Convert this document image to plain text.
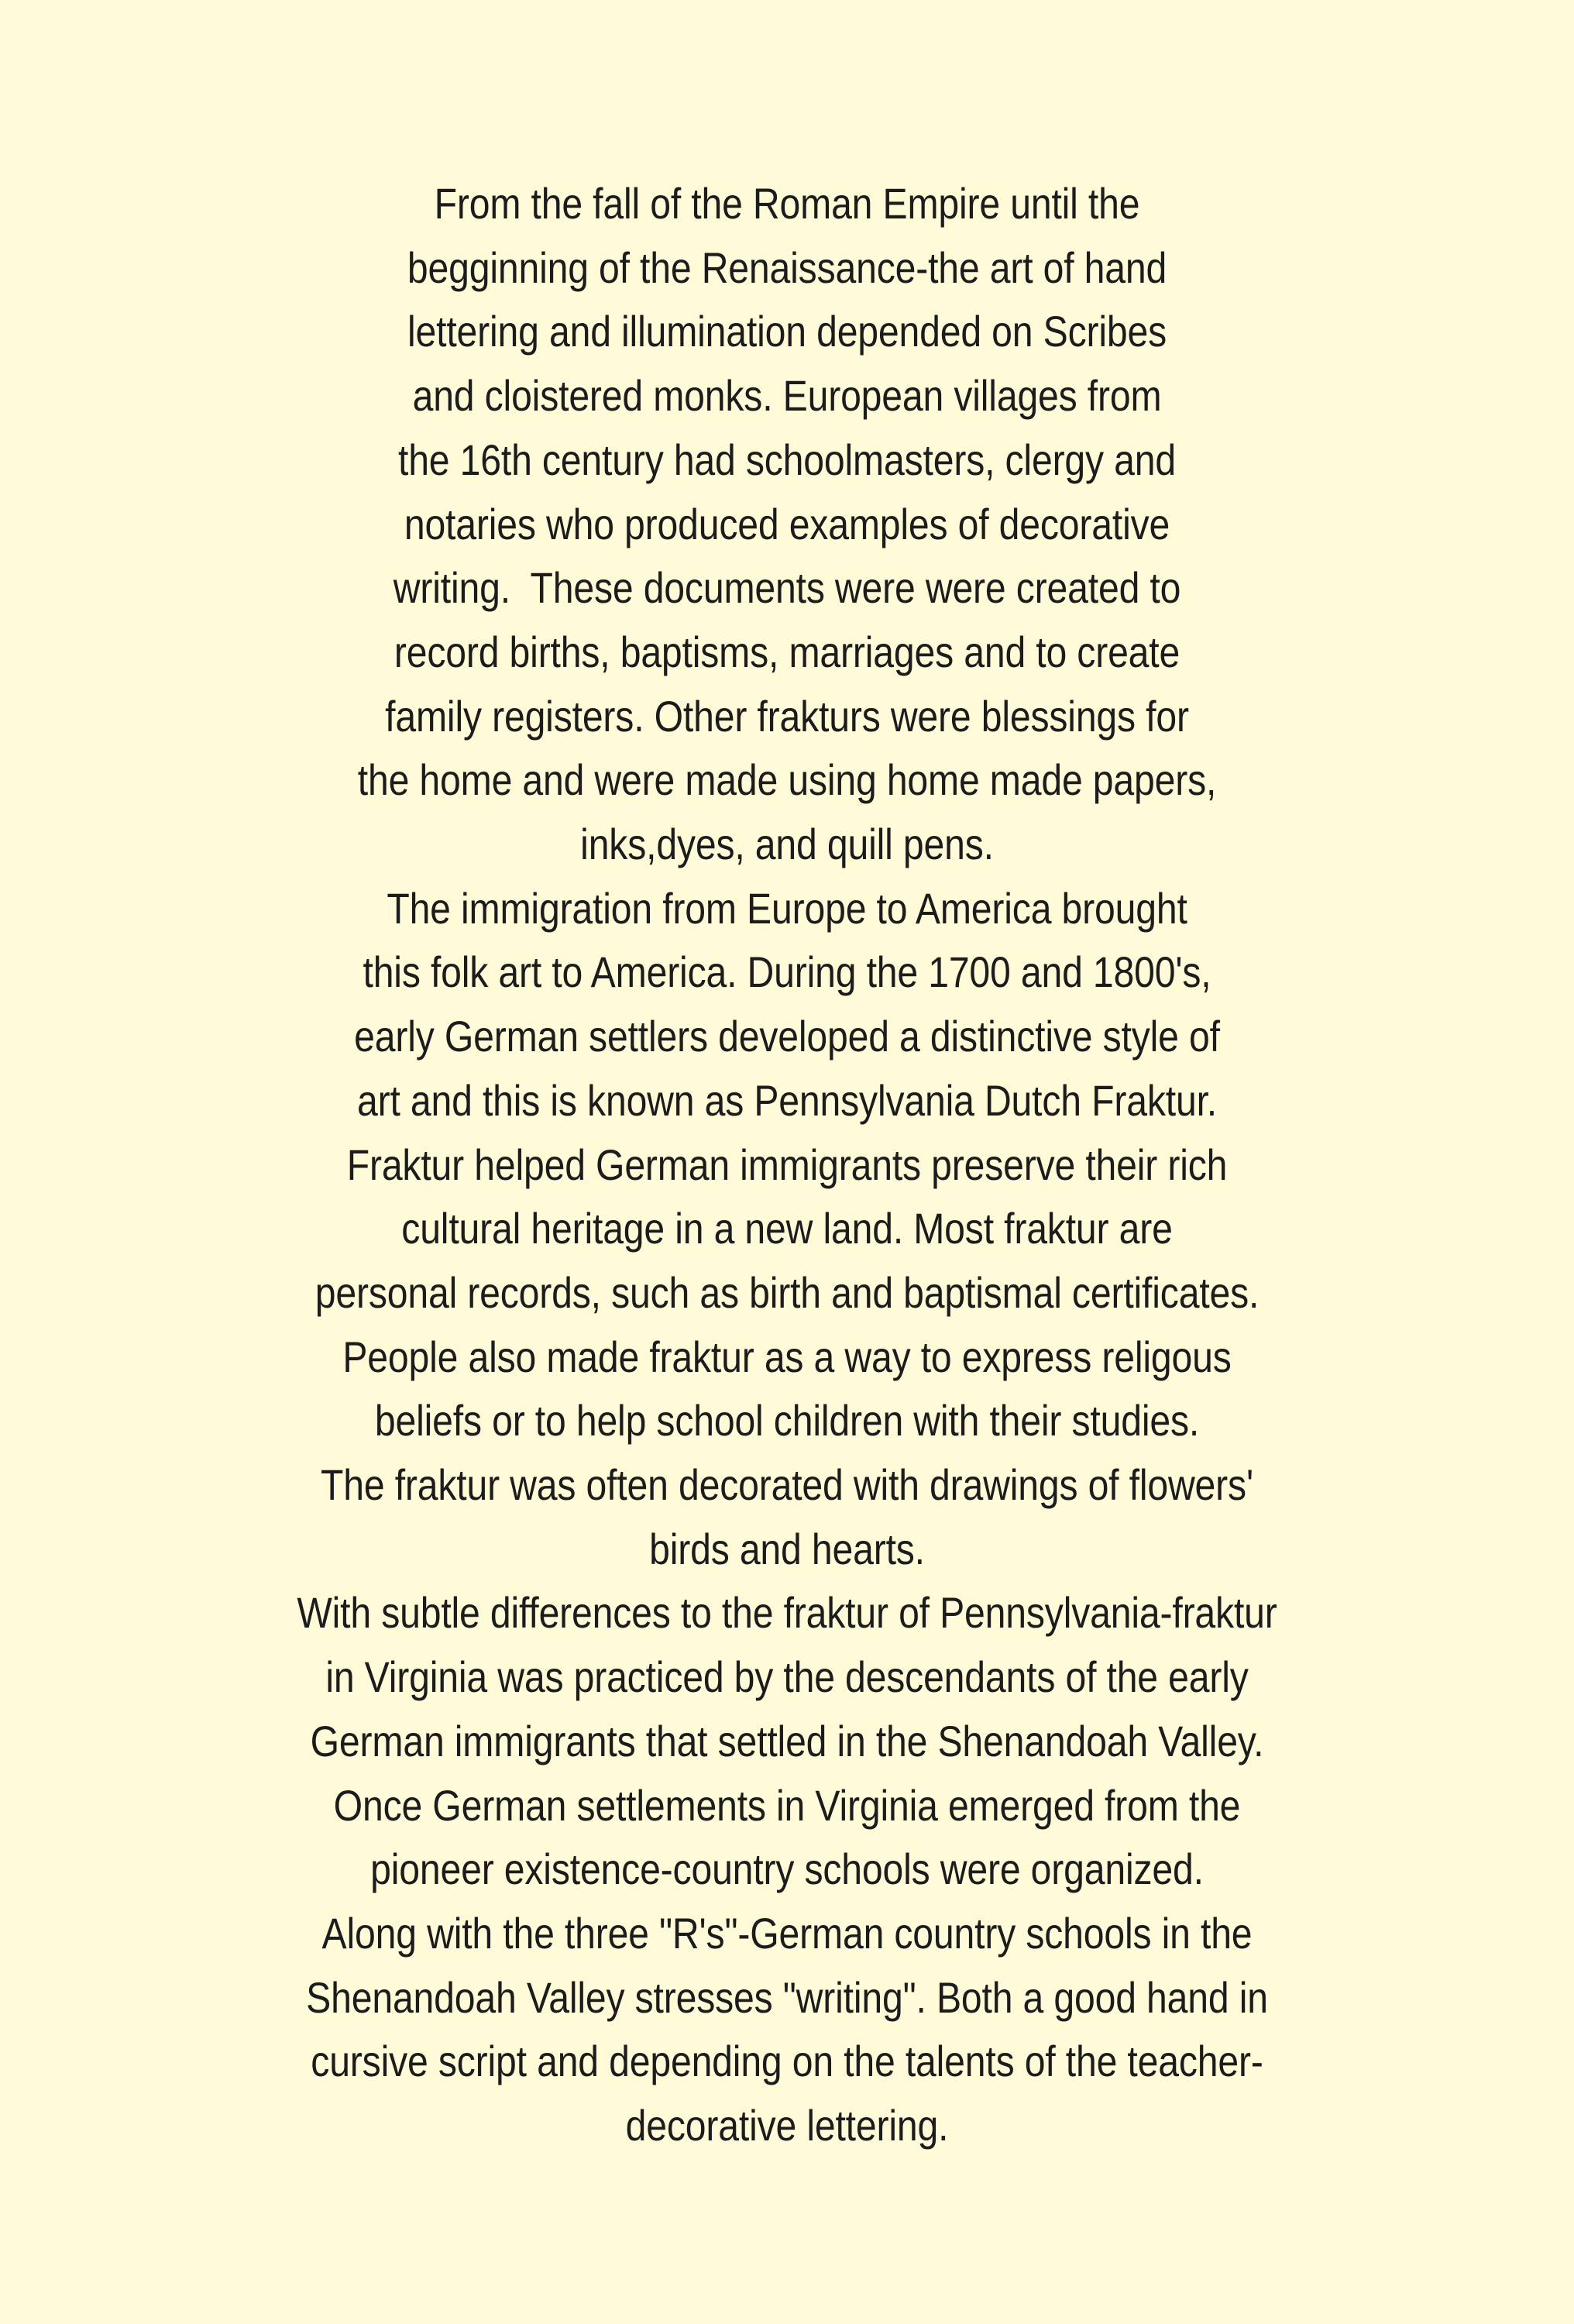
From the fall of the Roman Empire until the
begginning of the Renaissance-the art of hand
lettering and illumination depended on Scribes
and cloistered monks. European villages from
the 16th century had schoolmasters, clergy and
notaries who produced examples of decorative
writing.  These documents were were created to
record births, baptisms, marriages and to create
family registers. Other frakturs were blessings for
the home and were made using home made papers,
inks,dyes, and quill pens.
The immigration from Europe to America brought
this folk art to America. During the 1700 and 1800's,
early German settlers developed a distinctive style of
art and this is known as Pennsylvania Dutch Fraktur.
Fraktur helped German immigrants preserve their rich
cultural heritage in a new land. Most fraktur are
personal records, such as birth and baptismal certificates.
People also made fraktur as a way to express religous
beliefs or to help school children with their studies.
The fraktur was often decorated with drawings of flowers'
birds and hearts.
With subtle differences to the fraktur of Pennsylvania-fraktur
in Virginia was practiced by the descendants of the early
German immigrants that settled in the Shenandoah Valley.
Once German settlements in Virginia emerged from the
pioneer existence-country schools were organized.
Along with the three "R's"-German country schools in the
Shenandoah Valley stresses "writing". Both a good hand in
cursive script and depending on the talents of the teacher-
decorative lettering.
